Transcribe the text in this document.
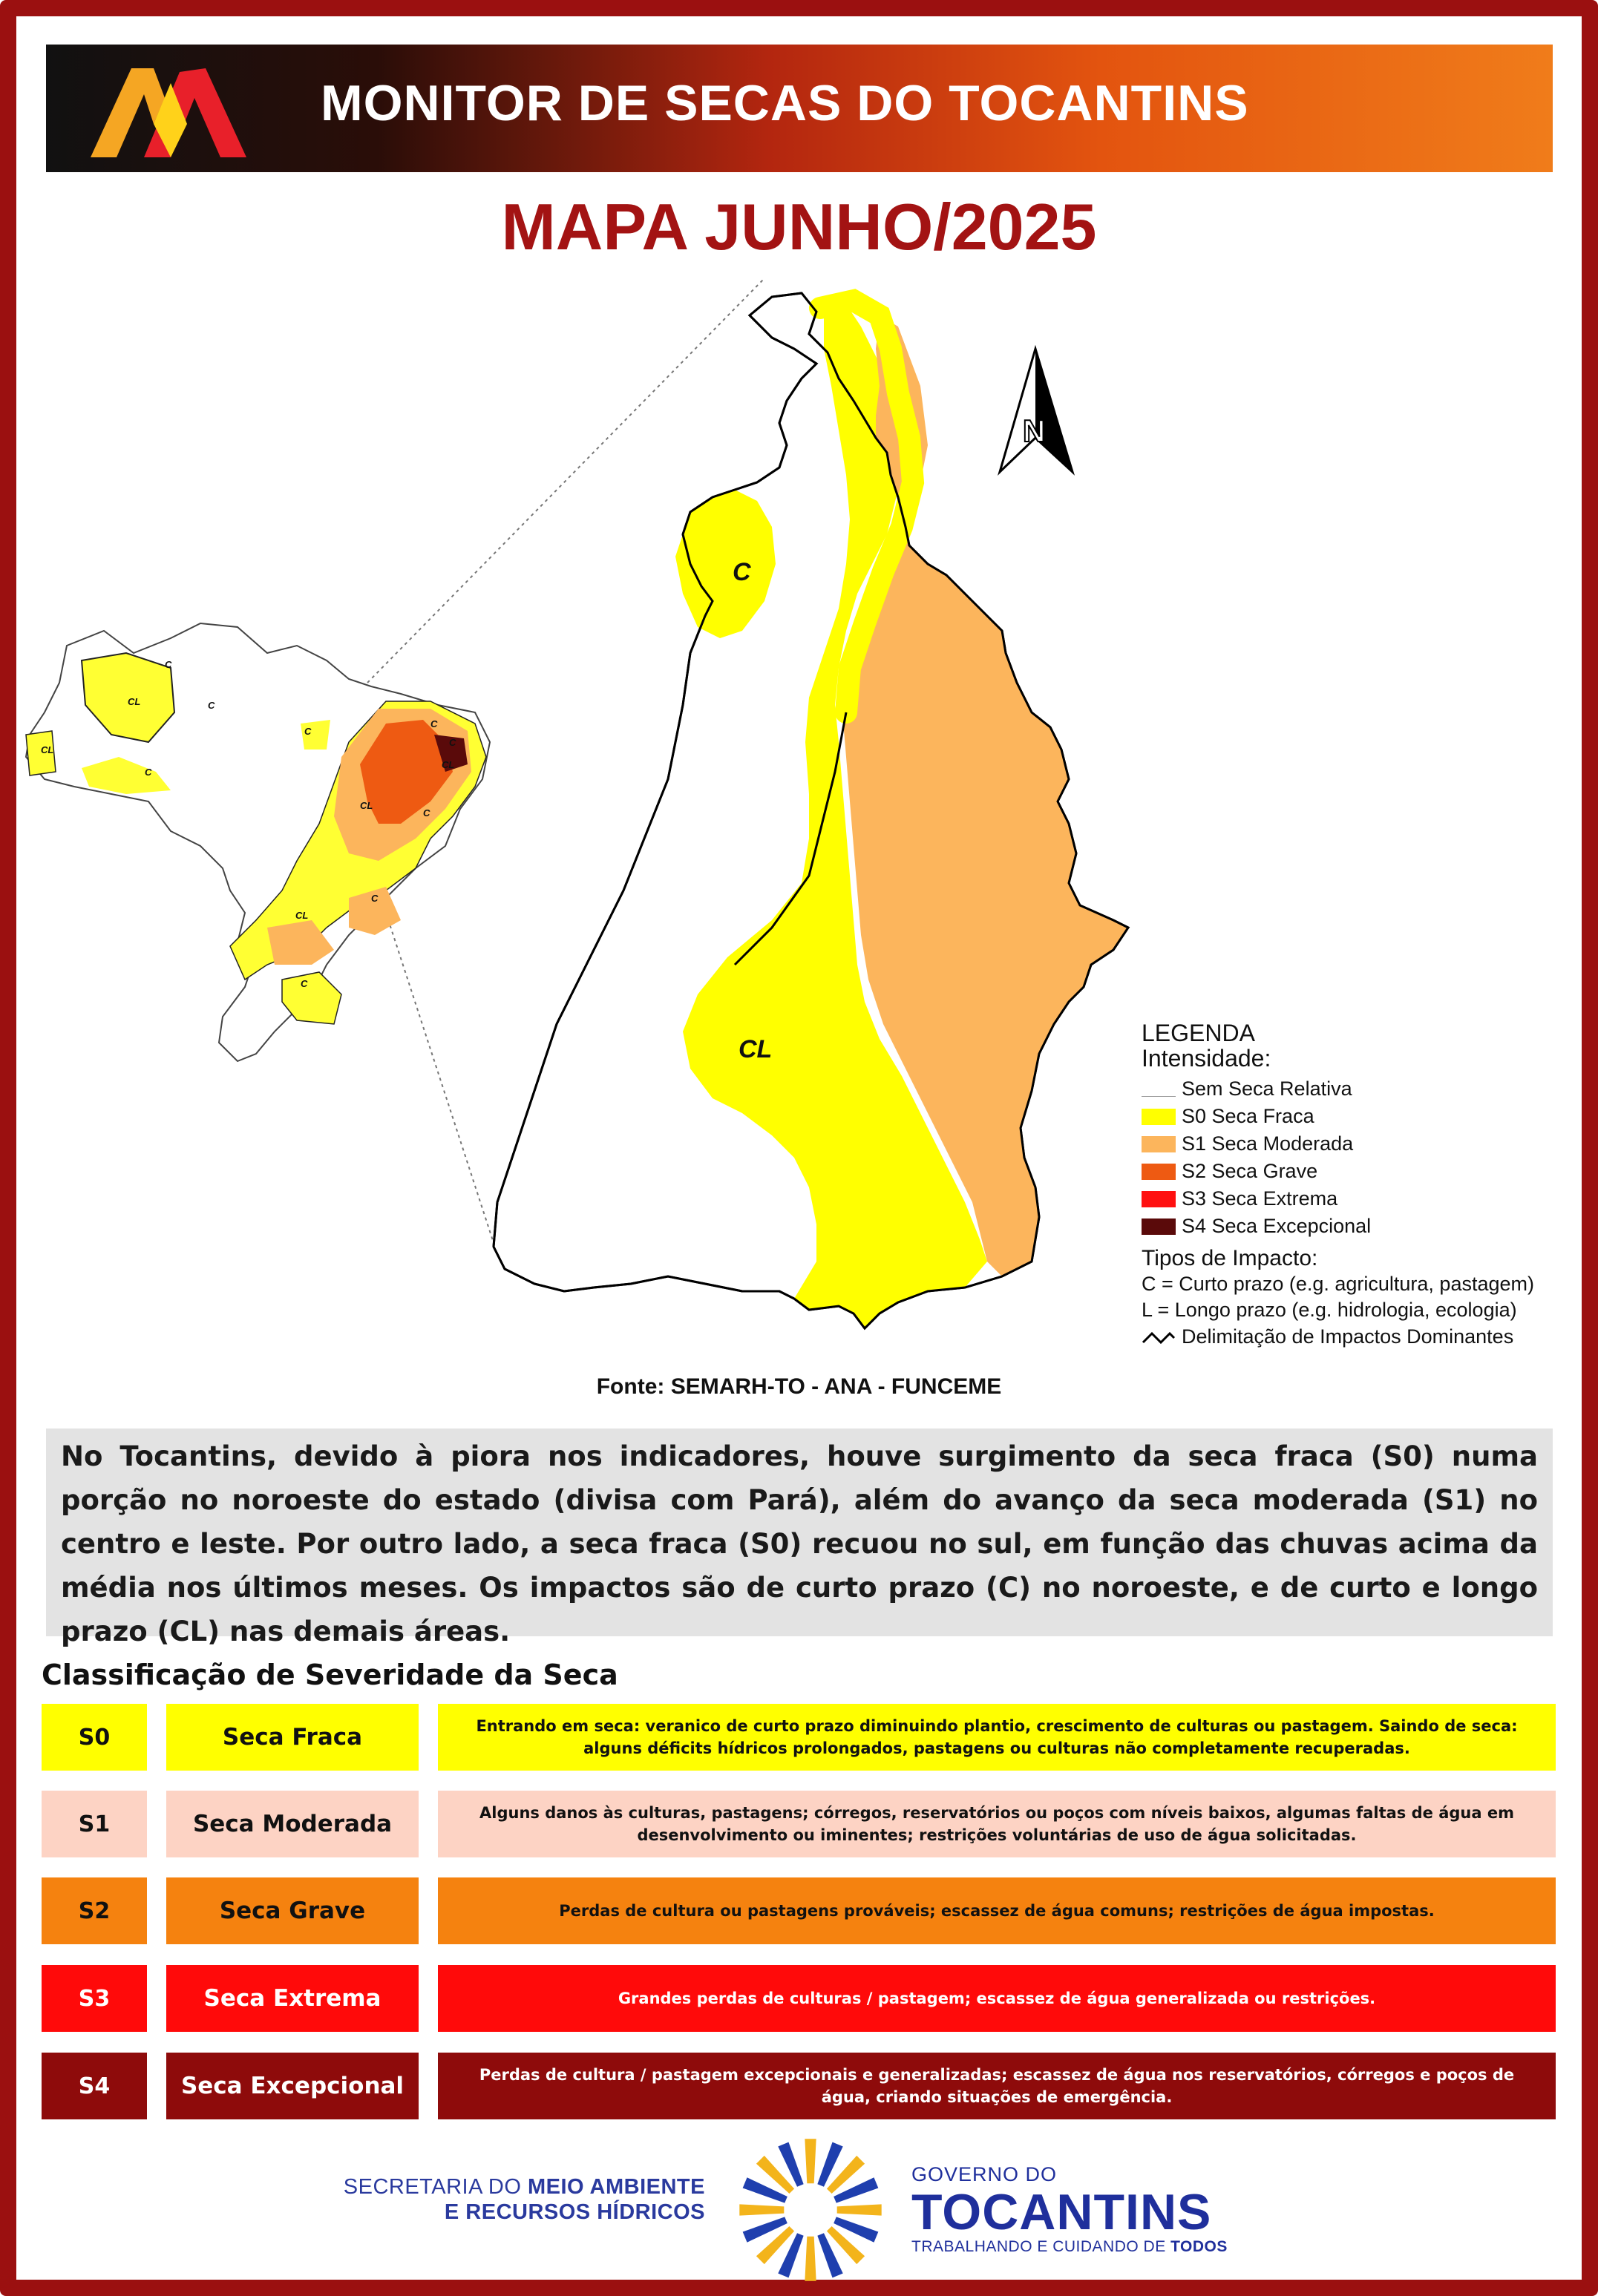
MONITOR DE SECAS DO TOCANTINS
MAPA JUNHO/2025
CL
C
C
CL
C
C
C
C
CL
CL
C
C
CL
C
C
CL
N
LEGENDA
Intensidade:
Sem Seca Relativa
S0 Seca Fraca
S1 Seca Moderada
S2 Seca Grave
S3 Seca Extrema
S4 Seca Excepcional
Tipos de Impacto:
C = Curto prazo (e.g. agricultura, pastagem)
L = Longo prazo (e.g. hidrologia, ecologia)
Delimitação de Impactos Dominantes
Fonte: SEMARH-TO - ANA - FUNCEME
No Tocantins, devido à piora nos indicadores, houve surgimento da seca fraca (S0) numa porção no noroeste do estado (divisa com Pará), além do avanço da seca moderada (S1) no centro e leste. Por outro lado, a seca fraca (S0) recuou no sul, em função das chuvas acima da média nos últimos meses. Os impactos são de curto prazo (C) no noroeste, e de curto e longo prazo (CL) nas demais áreas.
Classificação de Severidade da Seca
S0	Seca Fraca	Entrando em seca: veranico de curto prazo diminuindo plantio, crescimento de culturas ou pastagem. Saindo de seca: alguns déficits hídricos prolongados, pastagens ou culturas não completamente recuperadas.
S1	Seca Moderada	Alguns danos às culturas, pastagens; córregos, reservatórios ou poços com níveis baixos, algumas faltas de água em desenvolvimento ou iminentes; restrições voluntárias de uso de água solicitadas.
S2	Seca Grave	Perdas de cultura ou pastagens prováveis; escassez de água comuns; restrições de água impostas.
S3	Seca Extrema	Grandes perdas de culturas / pastagem; escassez de água generalizada ou restrições.
S4	Seca Excepcional	Perdas de cultura / pastagem excepcionais e generalizadas; escassez de água nos reservatórios, córregos e poços de água, criando situações de emergência.
SECRETARIA DO MEIO AMBIENTE
E RECURSOS HÍDRICOS
GOVERNO DO
TOCANTINS
TRABALHANDO E CUIDANDO DE TODOS
